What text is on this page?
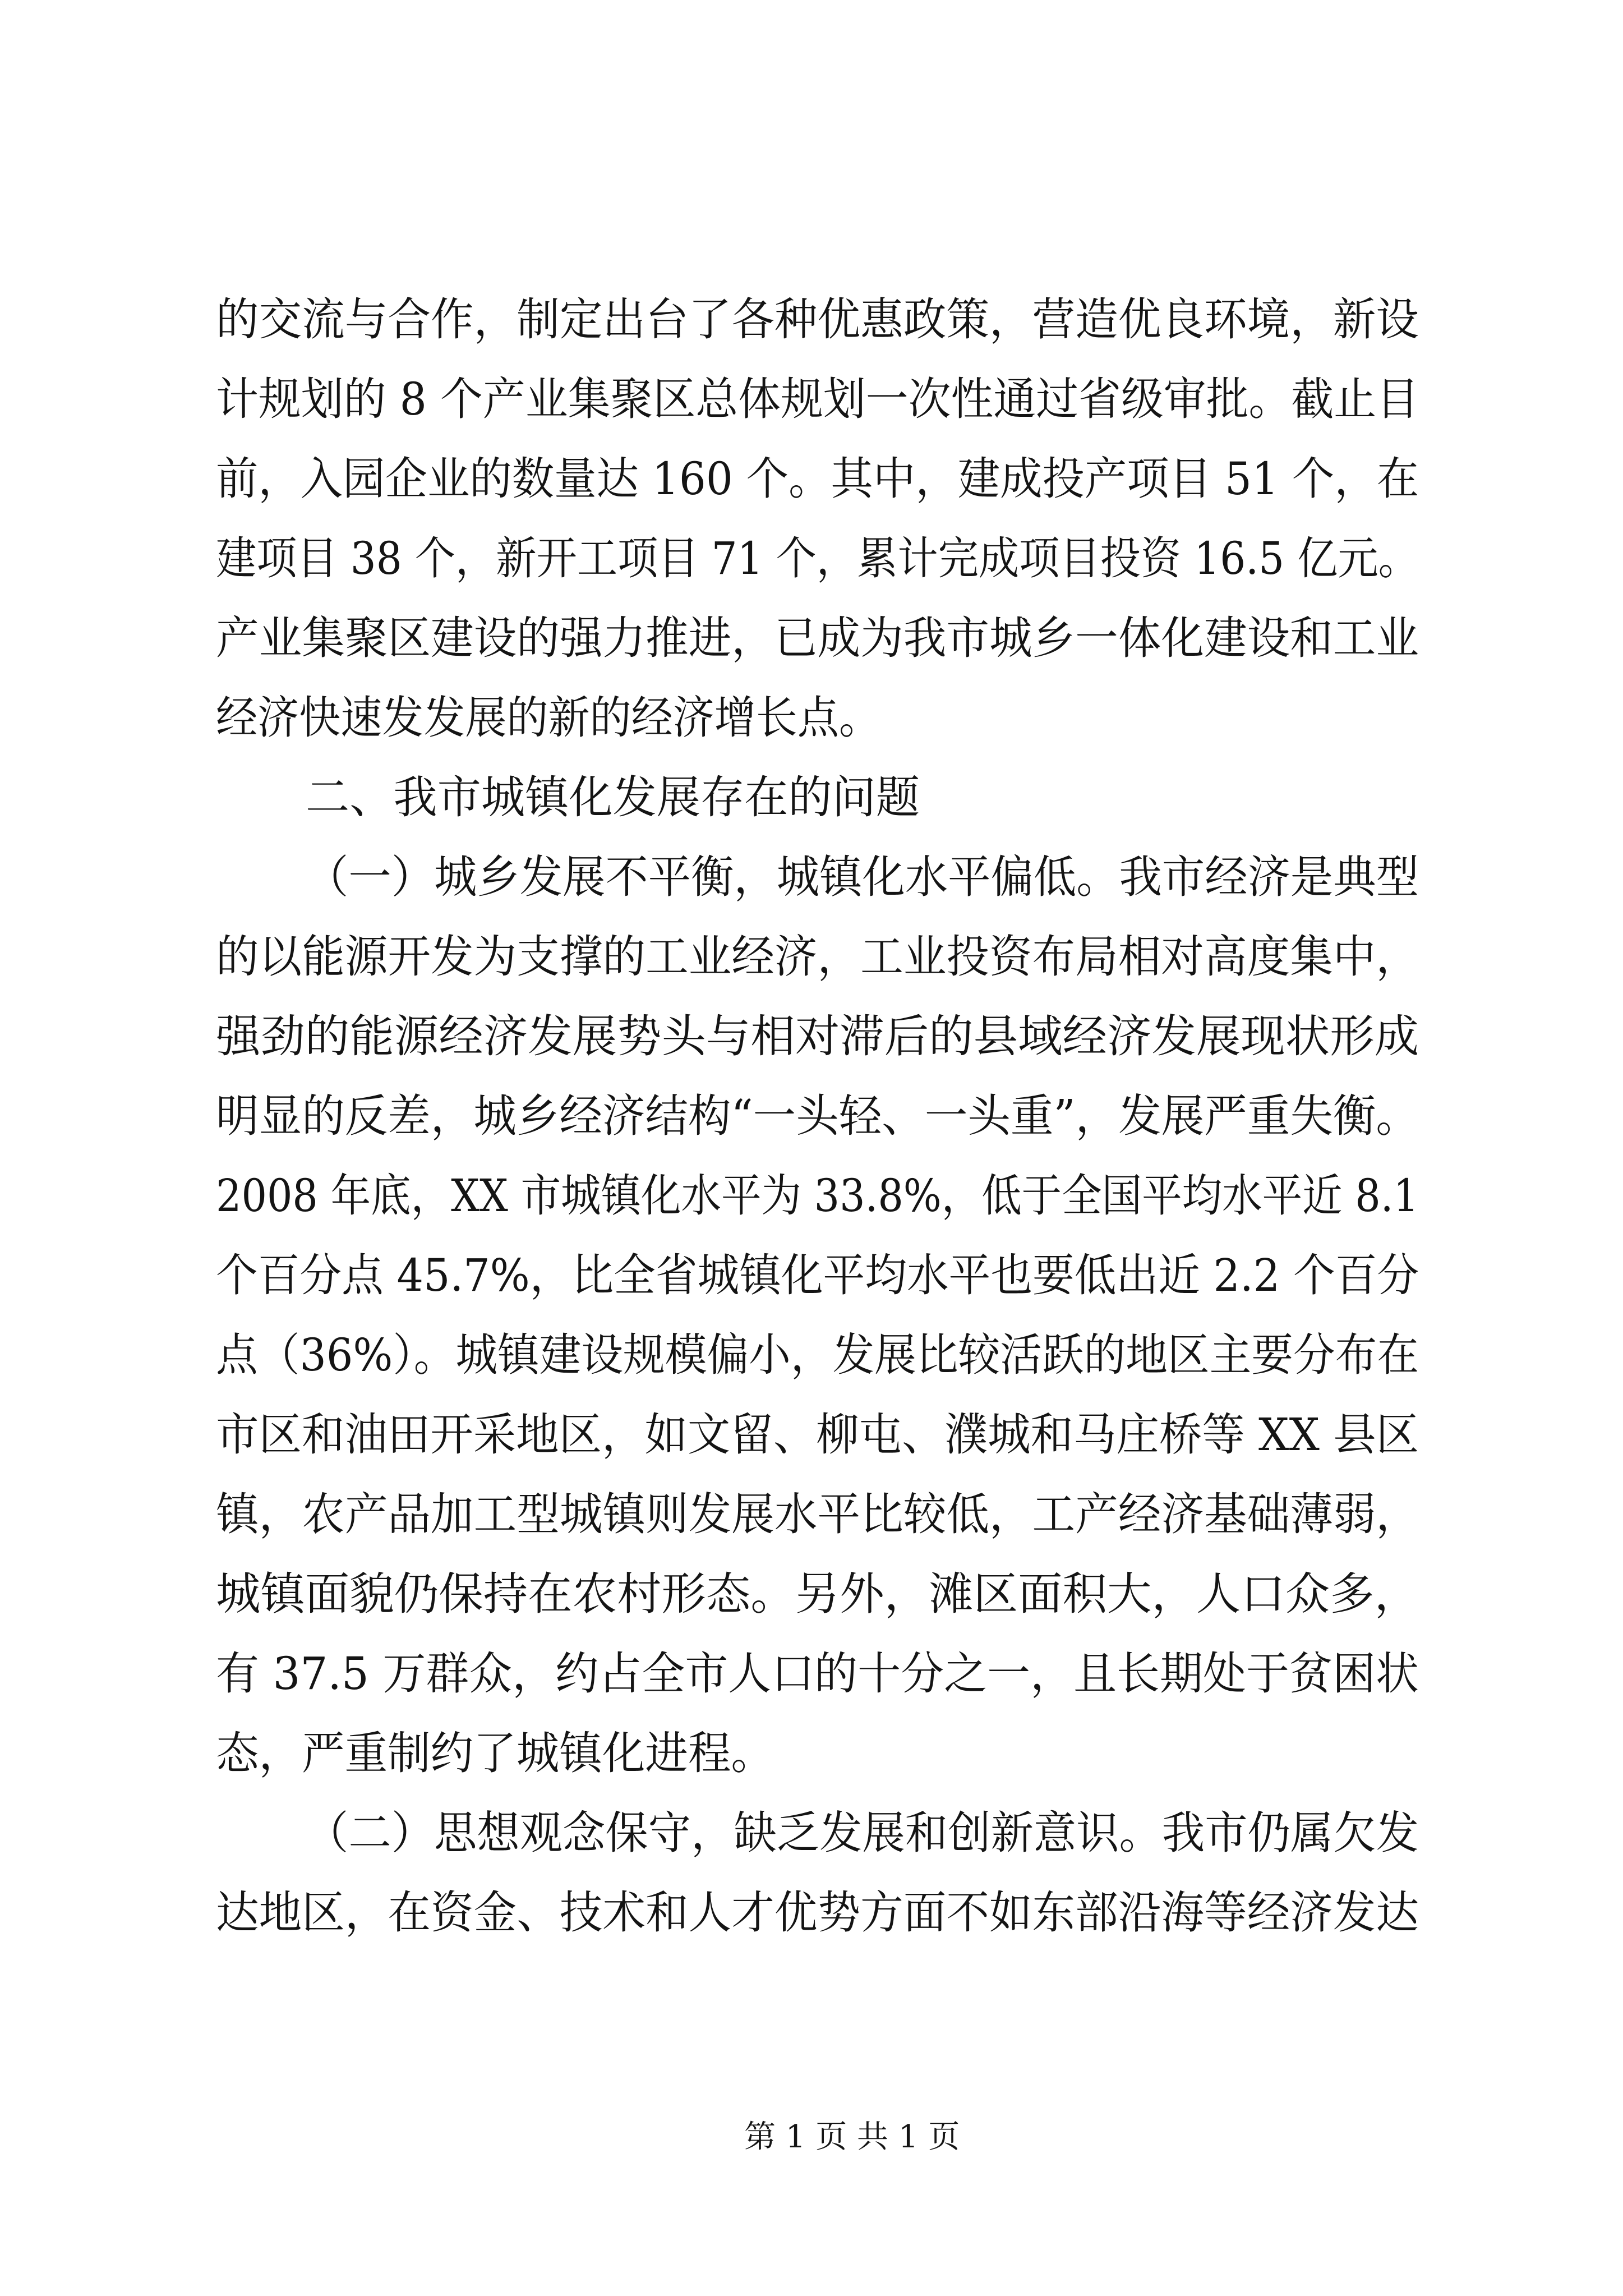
的交流与合作，制定出台了各种优惠政策，营造优良环境，新设
计规划的 8 个产业集聚区总体规划一次性通过省级审批。截止目
前，入园企业的数量达 160 个。其中，建成投产项目 51 个，在
建项目 38 个，新开工项目 71 个，累计完成项目投资 16.5 亿元。
产业集聚区建设的强力推进，已成为我市城乡一体化建设和工业
经济快速发发展的新的经济增长点。
二、我市城镇化发展存在的问题
（一）城乡发展不平衡，城镇化水平偏低。我市经济是典型
的以能源开发为支撑的工业经济，工业投资布局相对高度集中，
强劲的能源经济发展势头与相对滞后的县域经济发展现状形成
明显的反差，城乡经济结构“一头轻、一头重”，发展严重失衡。
2008 年底，XX 市城镇化水平为 33.8%，低于全国平均水平近 8.1
个百分点 45.7%，比全省城镇化平均水平也要低出近 2.2 个百分
点（36%）。城镇建设规模偏小，发展比较活跃的地区主要分布在
市区和油田开采地区，如文留、柳屯、濮城和马庄桥等 XX 县区
镇，农产品加工型城镇则发展水平比较低，工产经济基础薄弱，
城镇面貌仍保持在农村形态。另外，滩区面积大，人口众多，
有 37.5 万群众，约占全市人口的十分之一，且长期处于贫困状
态，严重制约了城镇化进程。
（二）思想观念保守，缺乏发展和创新意识。我市仍属欠发
达地区，在资金、技术和人才优势方面不如东部沿海等经济发达
第 1 页 共 1 页
